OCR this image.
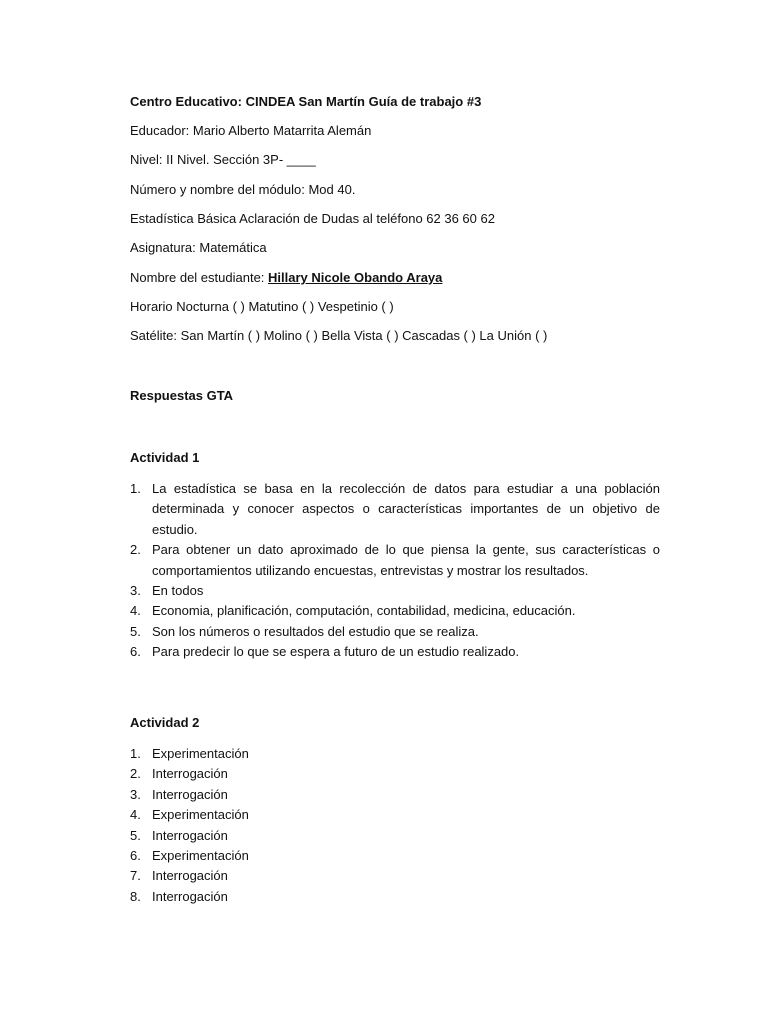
Centro Educativo: CINDEA San Martín Guía de trabajo #3
Educador: Mario Alberto Matarrita Alemán
Nivel: II Nivel. Sección 3P- ____
Número y nombre del módulo: Mod 40.
Estadística Básica Aclaración de Dudas al teléfono 62 36 60 62
Asignatura: Matemática
Nombre del estudiante: Hillary Nicole Obando Araya
Horario Nocturna ( ) Matutino ( ) Vespetinio ( )
Satélite: San Martín ( ) Molino ( ) Bella Vista ( ) Cascadas ( ) La Unión ( )
Respuestas GTA
Actividad 1
1. La estadística se basa en la recolección de datos para estudiar a una población determinada y conocer aspectos o características importantes de un objetivo de estudio.
2. Para obtener un dato aproximado de lo que piensa la gente, sus características o comportamientos utilizando encuestas, entrevistas y mostrar los resultados.
3. En todos
4. Economia, planificación, computación, contabilidad, medicina, educación.
5. Son los números o resultados del estudio que se realiza.
6. Para predecir lo que se espera a futuro de un estudio realizado.
Actividad 2
1. Experimentación
2. Interrogación
3. Interrogación
4. Experimentación
5. Interrogación
6. Experimentación
7. Interrogación
8. Interrogación
